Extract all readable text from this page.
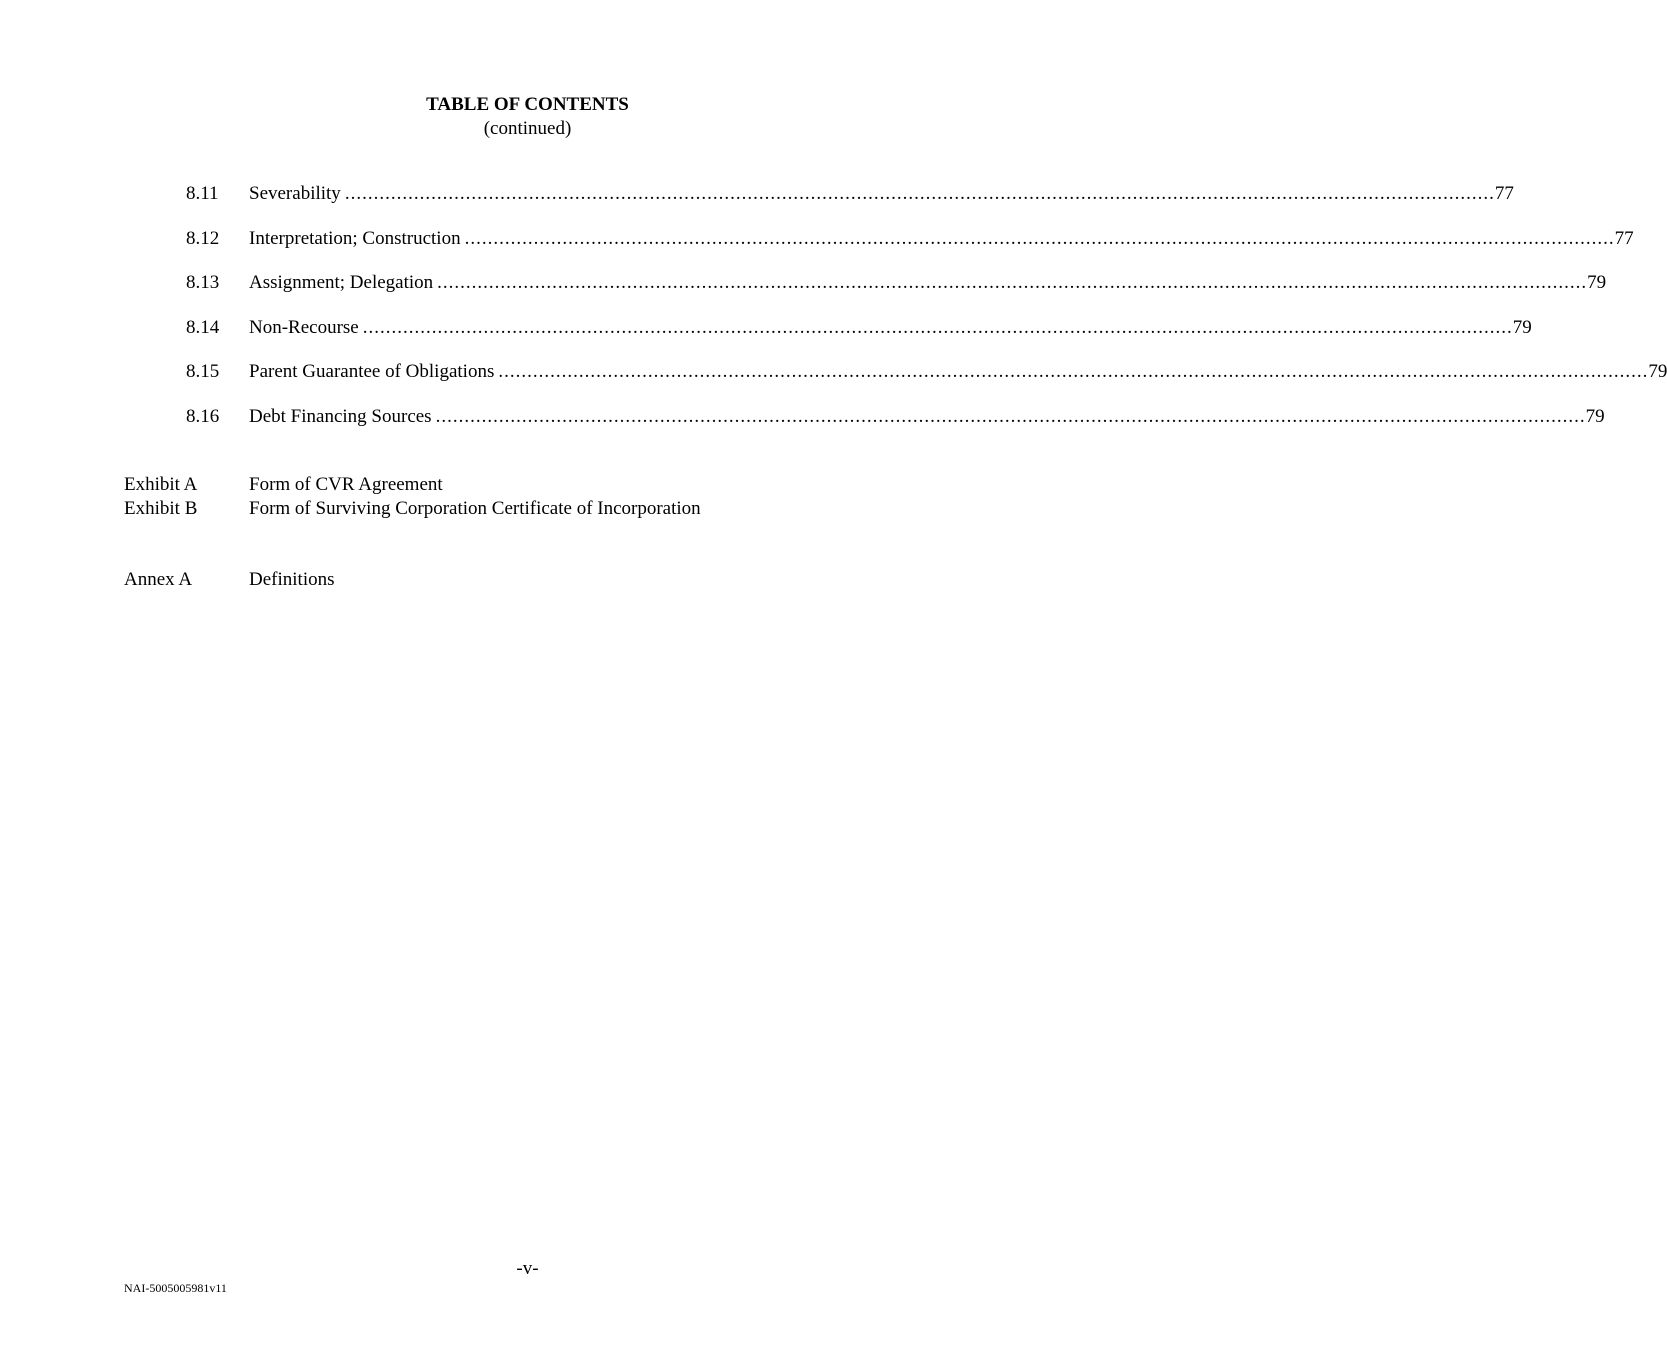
TABLE OF CONTENTS
(continued)
8.11 Severability ........................................................................................................................................................................................................ 77
8.12 Interpretation; Construction ........................................................................................................................................................................................................ 77
8.13 Assignment; Delegation ........................................................................................................................................................................................................ 79
8.14 Non-Recourse ........................................................................................................................................................................................................ 79
8.15 Parent Guarantee of Obligations ........................................................................................................................................................................................................ 79
8.16 Debt Financing Sources ........................................................................................................................................................................................................ 79
Exhibit A	Form of CVR Agreement
Exhibit B	Form of Surviving Corporation Certificate of Incorporation
Annex A	Definitions
-v-
NAI-5005005981v11
